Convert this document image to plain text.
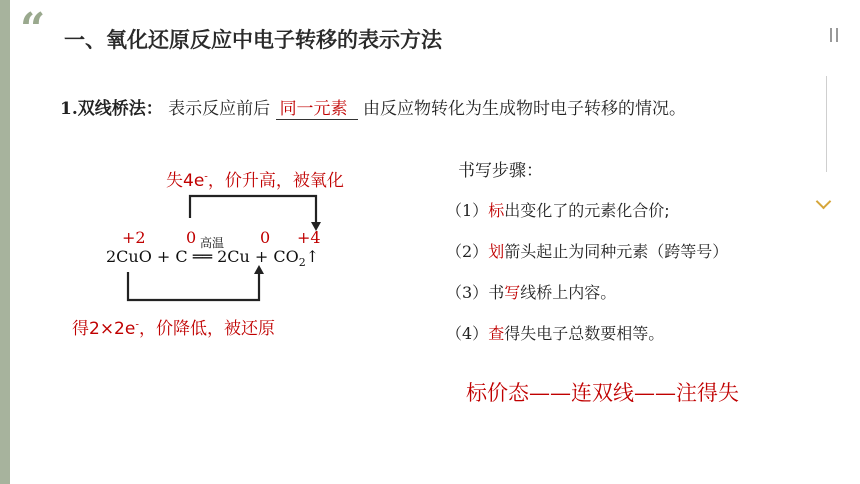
“ 一、氧化还原反应中电子转移的表示方法
1.双线桥法： 表示反应前后 同一元素 由反应物转化为生成物时电子转移的情况。
失4e-，价升高，被氧化
+2	0	0 +4
高温
2CuO + C ══ $2Cu + CO_2↑$
得2×2e-，价降低，被还原
书写步骤：
（1）标出变化了的元素化合价;
（2）划箭头起止为同种元素（跨等号）
（3）书写线桥上内容。
（4）查得失电子总数要相等。
标价态——连双线——注得失
